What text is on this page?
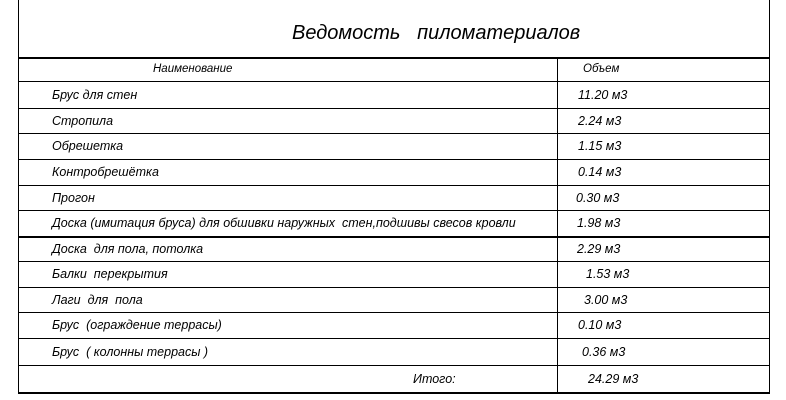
Ведомость   пиломатериалов
Наименование	Объем
Брус для стен	11.20 м3
Стропила	2.24 м3
Обрешетка	1.15 м3
Контробрешётка	0.14 м3
Прогон	0.30 м3
Доска (имитация бруса) для обшивки наружных  стен,подшивы свесов кровли	1.98 м3
Доска  для пола, потолка	2.29 м3
Балки  перекрытия	1.53 м3
Лаги  для  пола	3.00 м3
Брус  (ограждение террасы)	0.10 м3
Брус  ( колонны террасы )	0.36 м3
Итого:	24.29 м3
